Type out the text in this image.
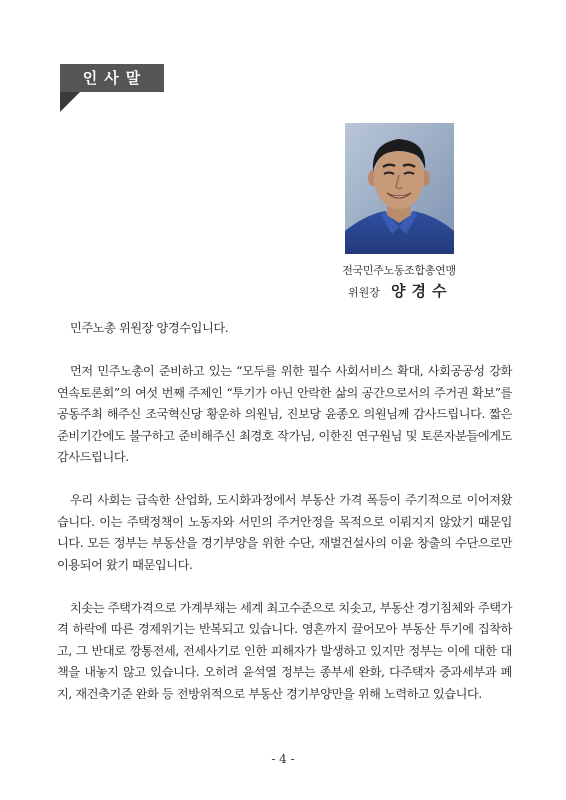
인사말
전국민주노동조합총연맹
위원장 양경수

민주노총 위원장 양경수입니다.

먼저 민주노총이 준비하고 있는 “모두를 위한 필수 사회서비스 확대, 사회공공성 강화 연속토론회”의 여섯 번째 주제인 “투기가 아닌 안락한 삶의 공간으로서의 주거권 확보”를 공동주최 해주신 조국혁신당 황운하 의원님, 진보당 윤종오 의원님께 감사드립니다. 짧은 준비기간에도 불구하고 준비해주신 최경호 작가님, 이한진 연구원님 및 토론자분들에게도 감사드립니다.

우리 사회는 급속한 산업화, 도시화과정에서 부동산 가격 폭등이 주기적으로 이어져왔습니다. 이는 주택정책이 노동자와 서민의 주거안정을 목적으로 이뤄지지 않았기 때문입니다. 모든 정부는 부동산을 경기부양을 위한 수단, 재벌건설사의 이윤 창출의 수단으로만 이용되어 왔기 때문입니다.

치솟는 주택가격으로 가계부채는 세계 최고수준으로 치솟고, 부동산 경기침체와 주택가격 하락에 따른 경제위기는 반복되고 있습니다. 영혼까지 끌어모아 부동산 투기에 집착하고, 그 반대로 깡통전세, 전세사기로 인한 피해자가 발생하고 있지만 정부는 이에 대한 대책을 내놓지 않고 있습니다. 오히려 윤석열 정부는 종부세 완화, 다주택자 중과세부과 폐지, 재건축기준 완화 등 전방위적으로 부동산 경기부양만을 위해 노력하고 있습니다.

- 4 -
